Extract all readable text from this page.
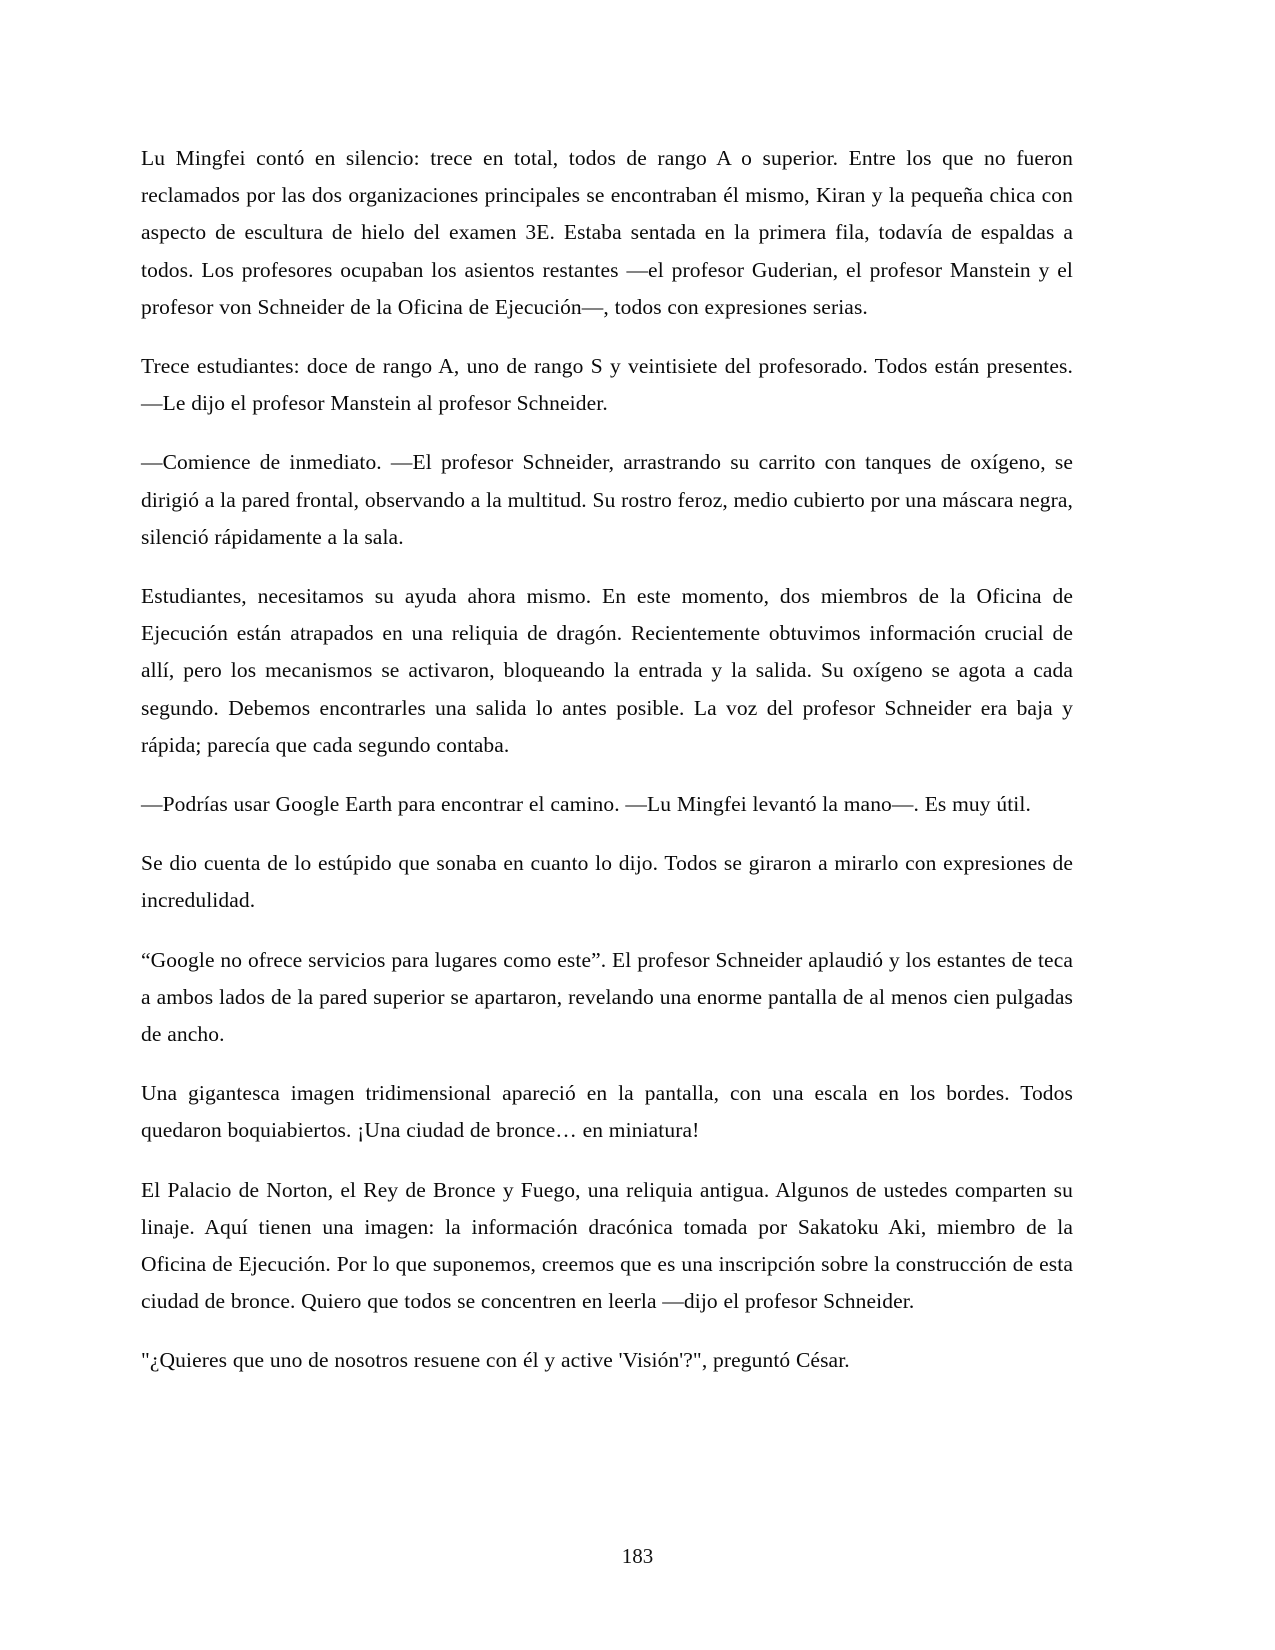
Lu Mingfei contó en silencio: trece en total, todos de rango A o superior. Entre los que no fueron reclamados por las dos organizaciones principales se encontraban él mismo, Kiran y la pequeña chica con aspecto de escultura de hielo del examen 3E. Estaba sentada en la primera fila, todavía de espaldas a todos. Los profesores ocupaban los asientos restantes —el profesor Guderian, el profesor Manstein y el profesor von Schneider de la Oficina de Ejecución—, todos con expresiones serias.

Trece estudiantes: doce de rango A, uno de rango S y veintisiete del profesorado. Todos están presentes. —Le dijo el profesor Manstein al profesor Schneider.

—Comience de inmediato. —El profesor Schneider, arrastrando su carrito con tanques de oxígeno, se dirigió a la pared frontal, observando a la multitud. Su rostro feroz, medio cubierto por una máscara negra, silenció rápidamente a la sala.

Estudiantes, necesitamos su ayuda ahora mismo. En este momento, dos miembros de la Oficina de Ejecución están atrapados en una reliquia de dragón. Recientemente obtuvimos información crucial de allí, pero los mecanismos se activaron, bloqueando la entrada y la salida. Su oxígeno se agota a cada segundo. Debemos encontrarles una salida lo antes posible. La voz del profesor Schneider era baja y rápida; parecía que cada segundo contaba.

—Podrías usar Google Earth para encontrar el camino. —Lu Mingfei levantó la mano—. Es muy útil.

Se dio cuenta de lo estúpido que sonaba en cuanto lo dijo. Todos se giraron a mirarlo con expresiones de incredulidad.

“Google no ofrece servicios para lugares como este”. El profesor Schneider aplaudió y los estantes de teca a ambos lados de la pared superior se apartaron, revelando una enorme pantalla de al menos cien pulgadas de ancho.

Una gigantesca imagen tridimensional apareció en la pantalla, con una escala en los bordes. Todos quedaron boquiabiertos. ¡Una ciudad de bronce… en miniatura!

El Palacio de Norton, el Rey de Bronce y Fuego, una reliquia antigua. Algunos de ustedes comparten su linaje. Aquí tienen una imagen: la información dracónica tomada por Sakatoku Aki, miembro de la Oficina de Ejecución. Por lo que suponemos, creemos que es una inscripción sobre la construcción de esta ciudad de bronce. Quiero que todos se concentren en leerla —dijo el profesor Schneider.

"¿Quieres que uno de nosotros resuene con él y active 'Visión'?", preguntó César.

183
